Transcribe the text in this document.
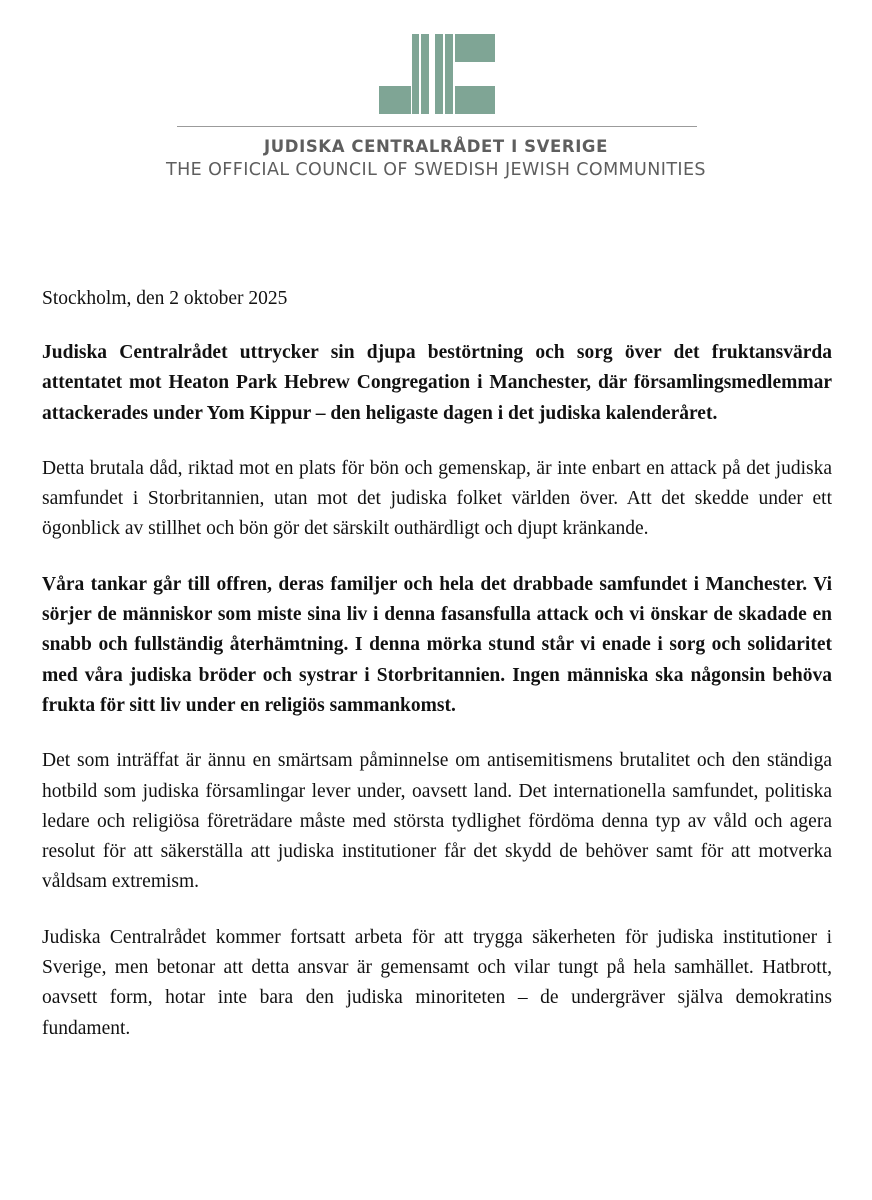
JUDISKA CENTRALRÅDET I SVERIGE
THE OFFICIAL COUNCIL OF SWEDISH JEWISH COMMUNITIES

Stockholm, den 2 oktober 2025

Judiska Centralrådet uttrycker sin djupa bestörtning och sorg över det fruktansvärda attentatet mot Heaton Park Hebrew Congregation i Manchester, där församlingsmedlemmar attackerades under Yom Kippur – den heligaste dagen i det judiska kalenderåret.

Detta brutala dåd, riktad mot en plats för bön och gemenskap, är inte enbart en attack på det judiska samfundet i Storbritannien, utan mot det judiska folket världen över. Att det skedde under ett ögonblick av stillhet och bön gör det särskilt outhärdligt och djupt kränkande.

Våra tankar går till offren, deras familjer och hela det drabbade samfundet i Manchester. Vi sörjer de människor som miste sina liv i denna fasansfulla attack och vi önskar de skadade en snabb och fullständig återhämtning. I denna mörka stund står vi enade i sorg och solidaritet med våra judiska bröder och systrar i Storbritannien. Ingen människa ska någonsin behöva frukta för sitt liv under en religiös sammankomst.

Det som inträffat är ännu en smärtsam påminnelse om antisemitismens brutalitet och den ständiga hotbild som judiska församlingar lever under, oavsett land. Det internationella samfundet, politiska ledare och religiösa företrädare måste med största tydlighet fördöma denna typ av våld och agera resolut för att säkerställa att judiska institutioner får det skydd de behöver samt för att motverka våldsam extremism.

Judiska Centralrådet kommer fortsatt arbeta för att trygga säkerheten för judiska institutioner i Sverige, men betonar att detta ansvar är gemensamt och vilar tungt på hela samhället. Hatbrott, oavsett form, hotar inte bara den judiska minoriteten – de undergräver själva demokratins fundament.
